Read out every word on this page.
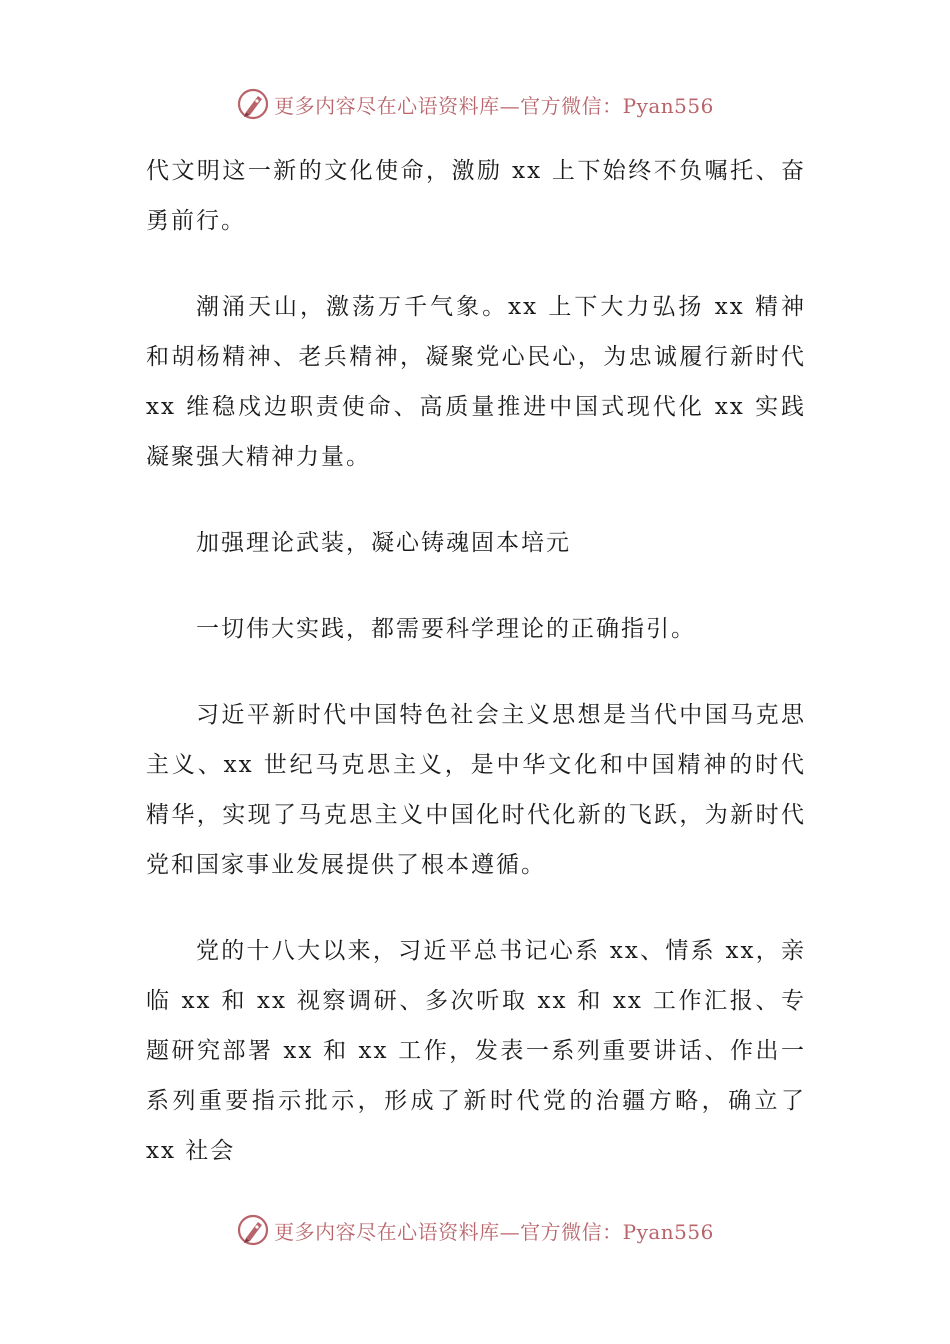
更多内容尽在心语资料库—官方微信：Pyan556

代文明这一新的文化使命，激励 xx 上下始终不负嘱托、奋勇前行。

潮涌天山，激荡万千气象。xx 上下大力弘扬 xx 精神和胡杨精神、老兵精神，凝聚党心民心，为忠诚履行新时代 xx 维稳戍边职责使命、高质量推进中国式现代化 xx 实践凝聚强大精神力量。

加强理论武装，凝心铸魂固本培元

一切伟大实践，都需要科学理论的正确指引。

习近平新时代中国特色社会主义思想是当代中国马克思主义、xx 世纪马克思主义，是中华文化和中国精神的时代精华，实现了马克思主义中国化时代化新的飞跃，为新时代党和国家事业发展提供了根本遵循。

党的十八大以来，习近平总书记心系 xx、情系 xx，亲临 xx 和 xx 视察调研、多次听取 xx 和 xx 工作汇报、专题研究部署 xx 和 xx 工作，发表一系列重要讲话、作出一系列重要指示批示，形成了新时代党的治疆方略，确立了 xx 社会

更多内容尽在心语资料库—官方微信：Pyan556
